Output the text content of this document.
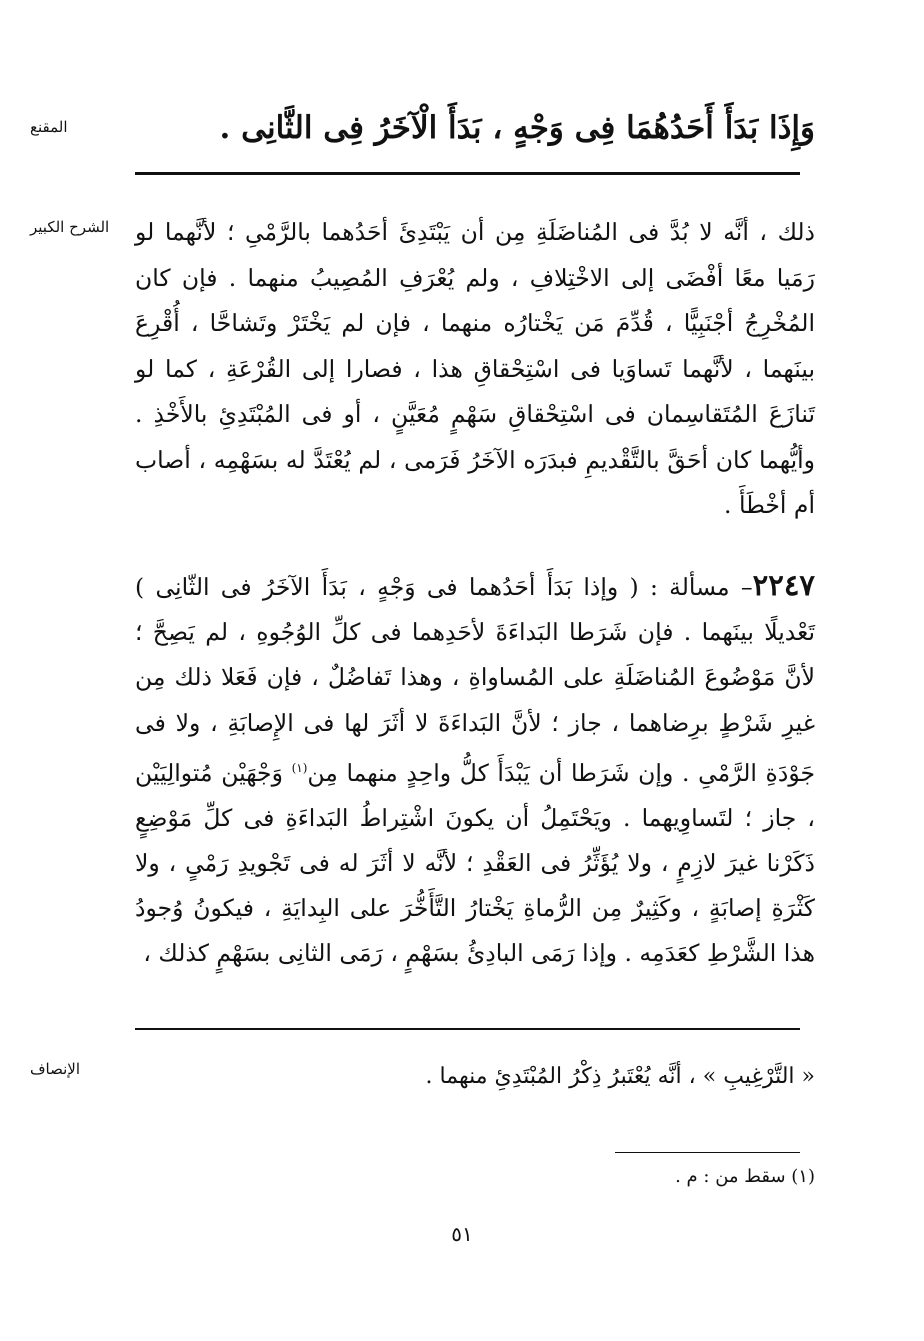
المقنع
الشرح الكبير
الإنصاف
وَإِذَا بَدَأَ أَحَدُهُمَا فِى وَجْهٍ ، بَدَأَ الْآخَرُ فِى الثَّانِى .
ذلك ، أنَّه لا بُدَّ فى المُناضَلَةِ مِن أن يَبْتَدِئَ أحَدُهما بالرَّمْىِ ؛ لأنَّهما لو رَمَيا معًا أفْضَى إلى الاخْتِلافِ ، ولم يُعْرَفِ المُصِيبُ منهما . فإن كان المُخْرِجُ أجْنَبِيًّا ، قُدِّمَ مَن يَخْتارُه منهما ، فإن لم يَخْتَرْ وتَشاحَّا ، أُقْرِعَ بينَهما ، لأنَّهما تَساوَيا فى اسْتِحْقاقِ هذا ، فصارا إلى القُرْعَةِ ، كما لو تَنازَعَ المُتَقاسِمان فى اسْتِحْقاقِ سَهْمٍ مُعَيَّنٍ ، أو فى المُبْتَدِئِ بالأَخْذِ . وأيُّهما كان أحَقَّ بالتَّقْديمِ فبدَرَه الآخَرُ فَرَمى ، لم يُعْتَدَّ له بسَهْمِه ، أصاب أم أخْطَأَ .
٢٢٤٧– مسألة : ( وإذا بَدَأَ أحَدُهما فى وَجْهٍ ، بَدَأَ الآخَرُ فى الثّانِى ) تَعْديلًا بينَهما . فإن شَرَطا البَداءَةَ لأحَدِهما فى كلِّ الوُجُوهِ ، لم يَصِحَّ ؛ لأنَّ مَوْضُوعَ المُناضَلَةِ على المُساواةِ ، وهذا تَفاضُلٌ ، فإن فَعَلا ذلك مِن غيرِ شَرْطٍ برِضاهما ، جاز ؛ لأنَّ البَداءَةَ لا أثَرَ لها فى الإِصابَةِ ، ولا فى جَوْدَةِ الرَّمْىِ . وإن شَرَطا أن يَبْدَأَ كلُّ واحِدٍ منهما مِن$^{(١)}$ وَجْهَيْن مُتوالِيَيْن ، جاز ؛ لتَساوِيهما . ويَحْتَمِلُ أن يكونَ اشْتِراطُ البَداءَةِ فى كلِّ مَوْضِعٍ ذَكَرْنا غيرَ لازِمٍ ، ولا يُؤَثِّرُ فى العَقْدِ ؛ لأنَّه لا أثَرَ له فى تَجْويدِ رَمْىٍ ، ولا كَثْرَةِ إصابَةٍ ، وكَثِيرٌ مِن الرُّماةِ يَخْتارُ التَّأَخُّرَ على البِدايَةِ ، فيكونُ وُجودُ هذا الشَّرْطِ كعَدَمِه . وإذا رَمَى البادِئُ بسَهْمٍ ، رَمَى الثانِى بسَهْمٍ كذلك ،
« التَّرْغِيبِ » ، أنَّه يُعْتَبرُ ذِكْرُ المُبْتَدِئِ منهما .
(١) سقط من : م .
٥١
